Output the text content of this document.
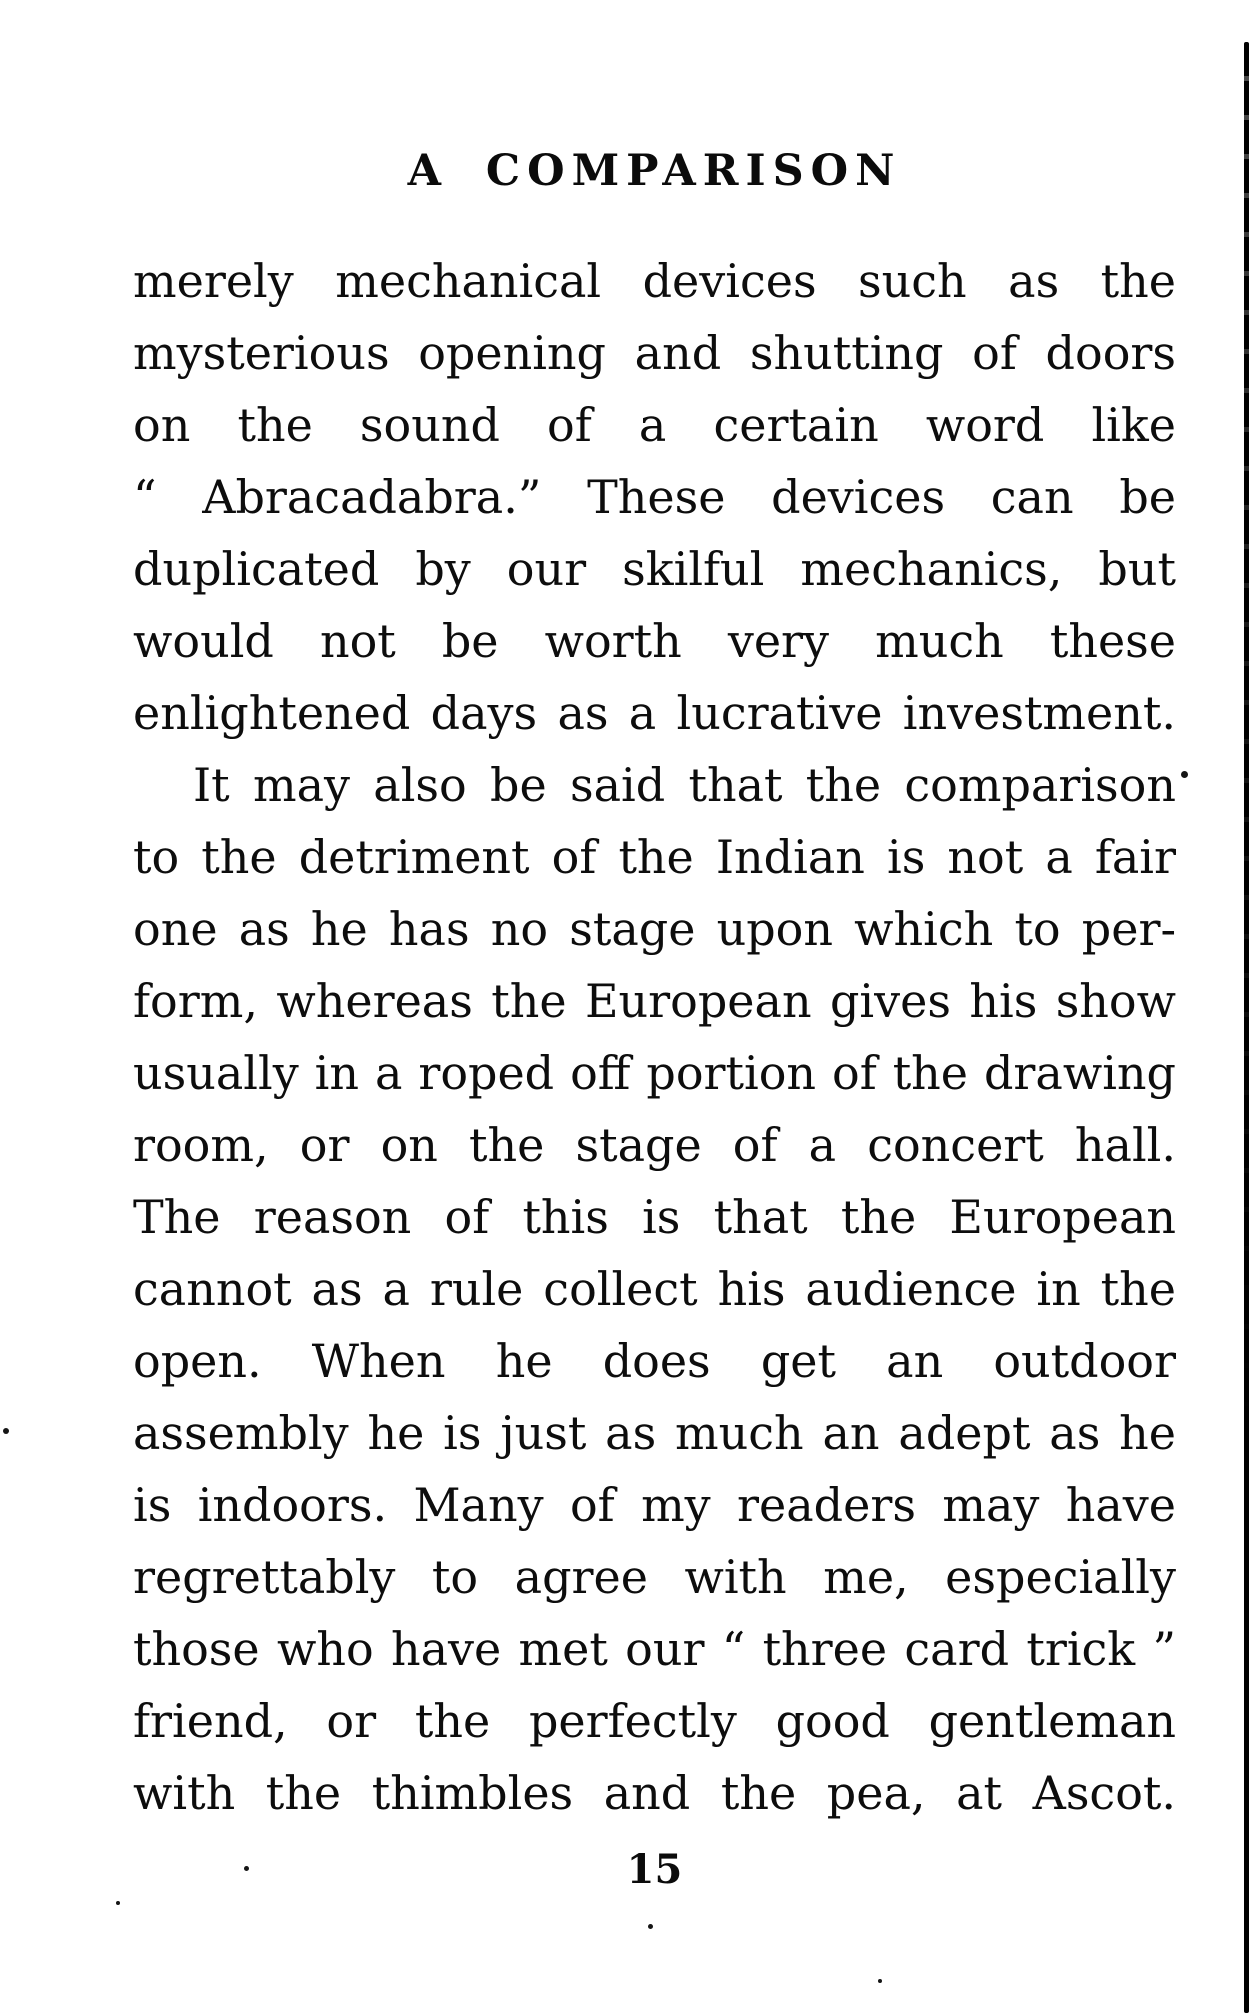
A COMPARISON
merely mechanical devices such as the
mysterious opening and shutting of doors
on the sound of a certain word like
“ Abracadabra.” These devices can be
duplicated by our skilful mechanics, but
would not be worth very much these
enlightened days as a lucrative investment.
It may also be said that the comparison
to the detriment of the Indian is not a fair
one as he has no stage upon which to per-
form, whereas the European gives his show
usually in a roped off portion of the drawing
room, or on the stage of a concert hall.
The reason of this is that the European
cannot as a rule collect his audience in the
open. When he does get an outdoor
assembly he is just as much an adept as he
is indoors. Many of my readers may have
regrettably to agree with me, especially
those who have met our “ three card trick ”
friend, or the perfectly good gentleman
with the thimbles and the pea, at Ascot.
15
